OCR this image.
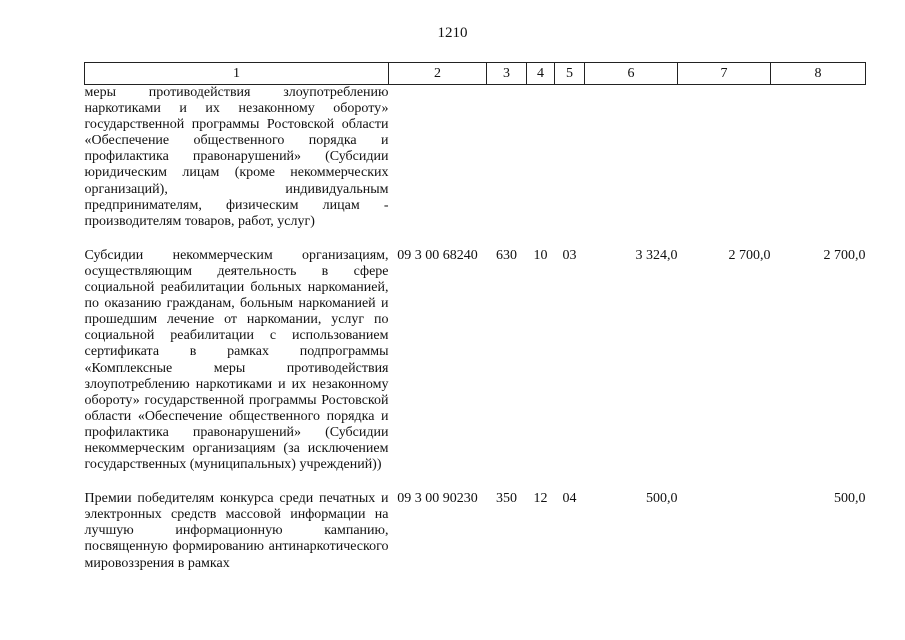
1210
1	2	3	4	5	6	7	8
меры противодействия злоупотреблению наркотиками и их незаконному обороту» государственной программы Ростовской области «Обеспечение общественного порядка и профилактика правонарушений» (Субсидии юридическим лицам (кроме некоммерческих организаций), индивидуальным предпринимателям, физическим лицам - производителям товаров, работ, услуг)							
Субсидии некоммерческим организациям, осуществляющим деятельность в сфере социальной реабилитации больных наркоманией, по оказанию гражданам, больным наркоманией и прошедшим лечение от наркомании, услуг по социальной реабилитации с использованием сертификата в рамках подпрограммы «Комплексные меры противодействия злоупотреблению наркотиками и их незаконному обороту» государственной программы Ростовской области «Обеспечение общественного порядка и профилактика правонарушений» (Субсидии некоммерческим организациям (за исключением государственных (муниципальных) учреждений))	09 3 00 68240	630	10	03	3 324,0	2 700,0	2 700,0
Премии победителям конкурса среди печатных и электронных средств массовой информации на лучшую информационную кампанию, посвященную формированию антинаркотического мировоззрения в рамках	09 3 00 90230	350	12	04	500,0		500,0
